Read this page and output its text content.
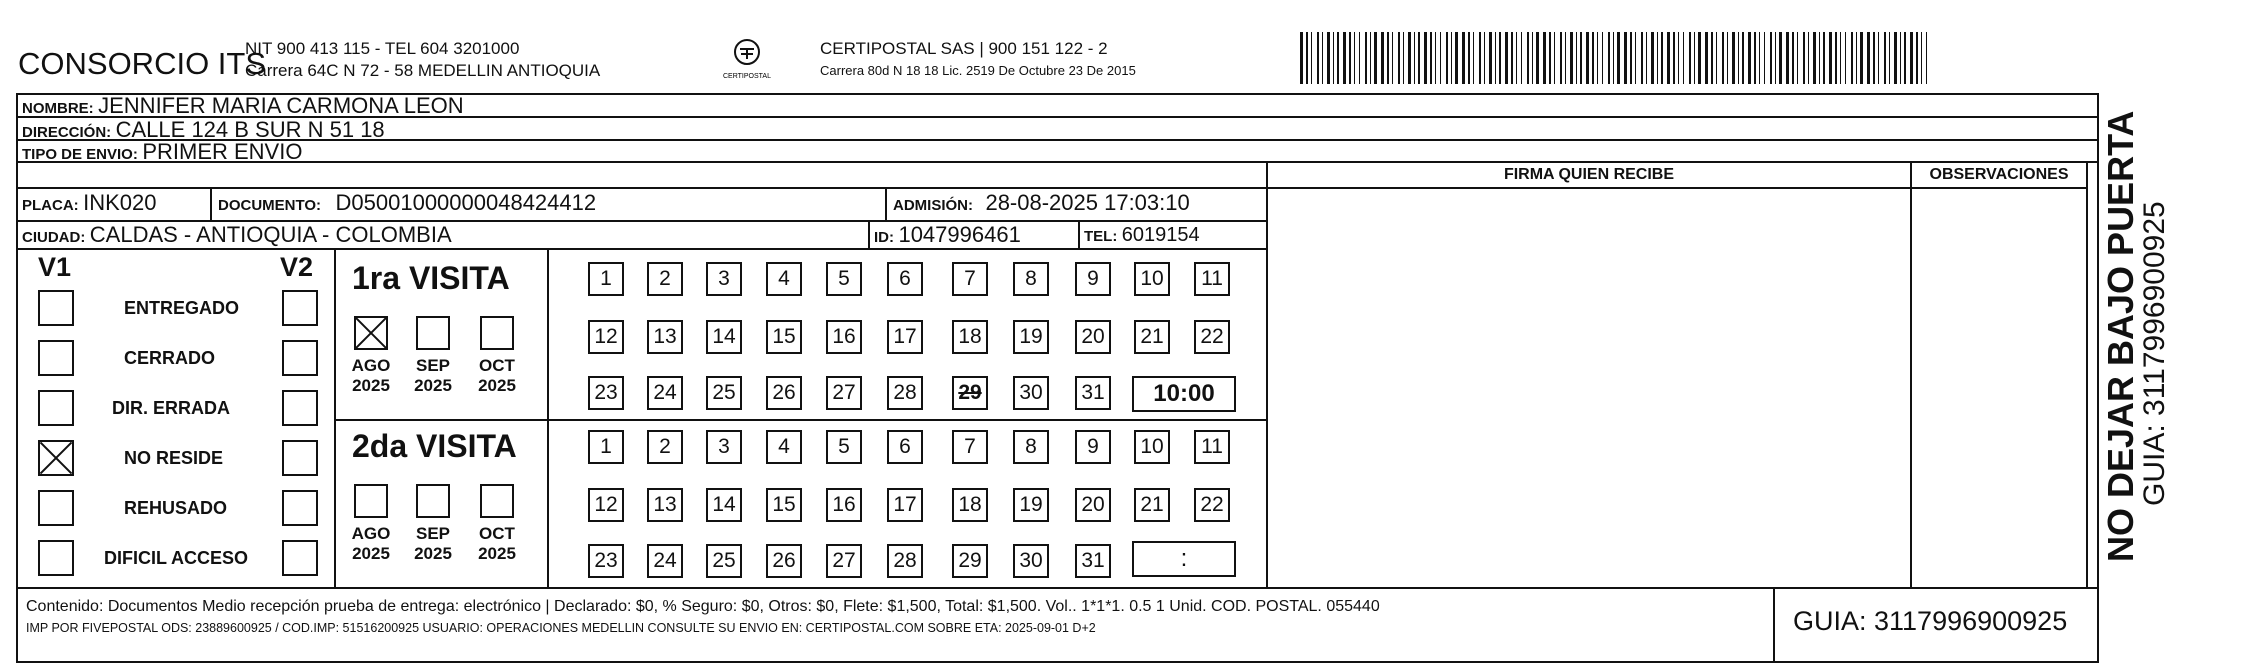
CONSORCIO ITS
NIT 900 413 115 - TEL 604 3201000
Carrera 64C N 72 - 58 MEDELLIN ANTIOQUIA	CERTIPOSTAL
CERTIPOSTAL SAS | 900 151 122 - 2
Carrera 80d N 18 18 Lic. 2519 De Octubre 23 De 2015
NOMBRE: JENNIFER MARIA CARMONA LEON
DIRECCIÓN: CALLE 124 B SUR N 51 18
TIPO DE ENVIO: PRIMER ENVIO
PLACA: INK020	DOCUMENTO: D05001000000048424412	ADMISIÓN: 28-08-2025 17:03:10
CIUDAD: CALDAS - ANTIOQUIA - COLOMBIA	ID: 1047996461	TEL: 6019154
FIRMA QUIEN RECIBE	OBSERVACIONES
V1	V2
ENTREGADO
CERRADO
DIR. ERRADA
NO RESIDE
REHUSADO
DIFICIL ACCESO
1ra VISITA
AGO
2025
SEP
2025
OCT
2025
1	2	3	4	5	6	7	8	9	10	11
12	13	14	15	16	17	18	19	20	21	22
23	24	25	26	27	28	29	30	31	10:00
2da VISITA
AGO
2025
SEP
2025
OCT
2025
1	2	3	4	5	6	7	8	9	10	11
12	13	14	15	16	17	18	19	20	21	22
23	24	25	26	27	28	29	30	31	:
Contenido: Documentos Medio recepción prueba de entrega: electrónico | Declarado: $0, % Seguro: $0, Otros: $0, Flete: $1,500, Total: $1,500. Vol.. 1*1*1. 0.5 1 Unid. COD. POSTAL. 055440
IMP POR FIVEPOSTAL ODS: 23889600925 / COD.IMP: 51516200925 USUARIO: OPERACIONES MEDELLIN CONSULTE SU ENVIO EN: CERTIPOSTAL.COM SOBRE ETA: 2025-09-01 D+2	GUIA: 3117996900925
NO DEJAR BAJO PUERTA
GUIA: 3117996900925
